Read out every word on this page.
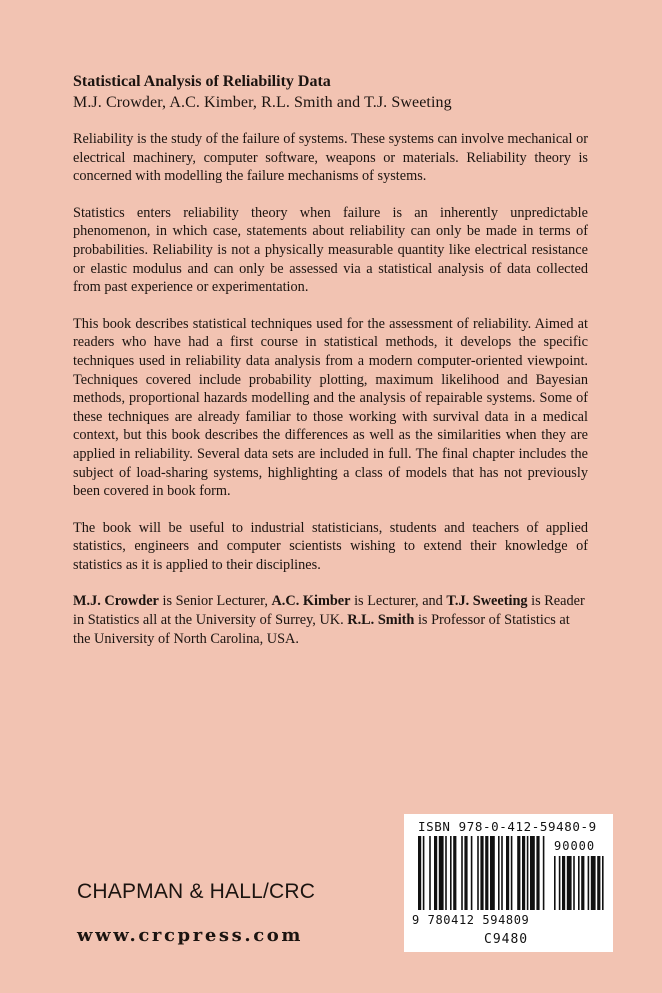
Statistical Analysis of Reliability Data

M.J. Crowder, A.C. Kimber, R.L. Smith and T.J. Sweeting

Reliability is the study of the failure of systems. These systems can involve mechanical or electrical machinery, computer software, weapons or materials. Reliability theory is concerned with modelling the failure mechanisms of systems.

Statistics enters reliability theory when failure is an inherently unpredictable phenomenon, in which case, statements about reliability can only be made in terms of probabilities. Reliability is not a physically measurable quantity like electrical resistance or elastic modulus and can only be assessed via a statistical analysis of data collected from past experience or experimentation.

This book describes statistical techniques used for the assessment of reliability. Aimed at readers who have had a first course in statistical methods, it develops the specific techniques used in reliability data analysis from a modern computer-oriented viewpoint. Techniques covered include probability plotting, maximum likelihood and Bayesian methods, proportional hazards modelling and the analysis of repairable systems. Some of these techniques are already familiar to those working with survival data in a medical context, but this book describes the differences as well as the similarities when they are applied in reliability. Several data sets are included in full. The final chapter includes the subject of load-sharing systems, highlighting a class of models that has not previously been covered in book form.

The book will be useful to industrial statisticians, students and teachers of applied statistics, engineers and computer scientists wishing to extend their knowledge of statistics as it is applied to their disciplines.

M.J. Crowder is Senior Lecturer, A.C. Kimber is Lecturer, and T.J. Sweeting is Reader in Statistics all at the University of Surrey, UK. R.L. Smith is Professor of Statistics at the University of North Carolina, USA.

CHAPMAN & HALL/CRC
www.crcpress.com
ISBN 978-0-412-59480-9
90000
9 780412 594809
C9480
